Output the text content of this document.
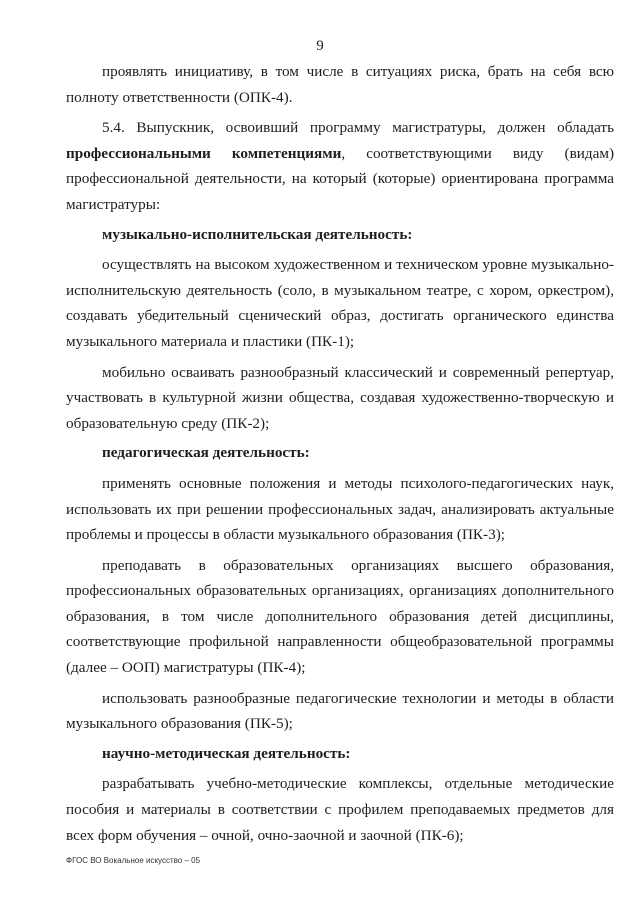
9

проявлять инициативу, в том числе в ситуациях риска, брать на себя всю полноту ответственности (ОПК-4).

5.4. Выпускник, освоивший программу магистратуры, должен обладать профессиональными компетенциями, соответствующими виду (видам) профессиональной деятельности, на который (которые) ориентирована программа магистратуры:

музыкально-исполнительская деятельность:

осуществлять на высоком художественном и техническом уровне музыкально-исполнительскую деятельность (соло, в музыкальном театре, с хором, оркестром), создавать убедительный сценический образ, достигать органического единства музыкального материала и пластики (ПК-1);

мобильно осваивать разнообразный классический и современный репертуар, участвовать в культурной жизни общества, создавая художественно-творческую и образовательную среду (ПК-2);

педагогическая деятельность:

применять основные положения и методы психолого-педагогических наук, использовать их при решении профессиональных задач, анализировать актуальные проблемы и процессы в области музыкального образования (ПК-3);

преподавать в образовательных организациях высшего образования, профессиональных образовательных организациях, организациях дополнительного образования, в том числе дополнительного образования детей дисциплины, соответствующие профильной направленности общеобразовательной программы (далее – ООП) магистратуры (ПК-4);

использовать разнообразные педагогические технологии и методы в области музыкального образования (ПК-5);

научно-методическая деятельность:

разрабатывать учебно-методические комплексы, отдельные методические пособия и материалы в соответствии с профилем преподаваемых предметов для всех форм обучения – очной, очно-заочной и заочной (ПК-6);

ФГОС ВО Вокальное искусство – 05
